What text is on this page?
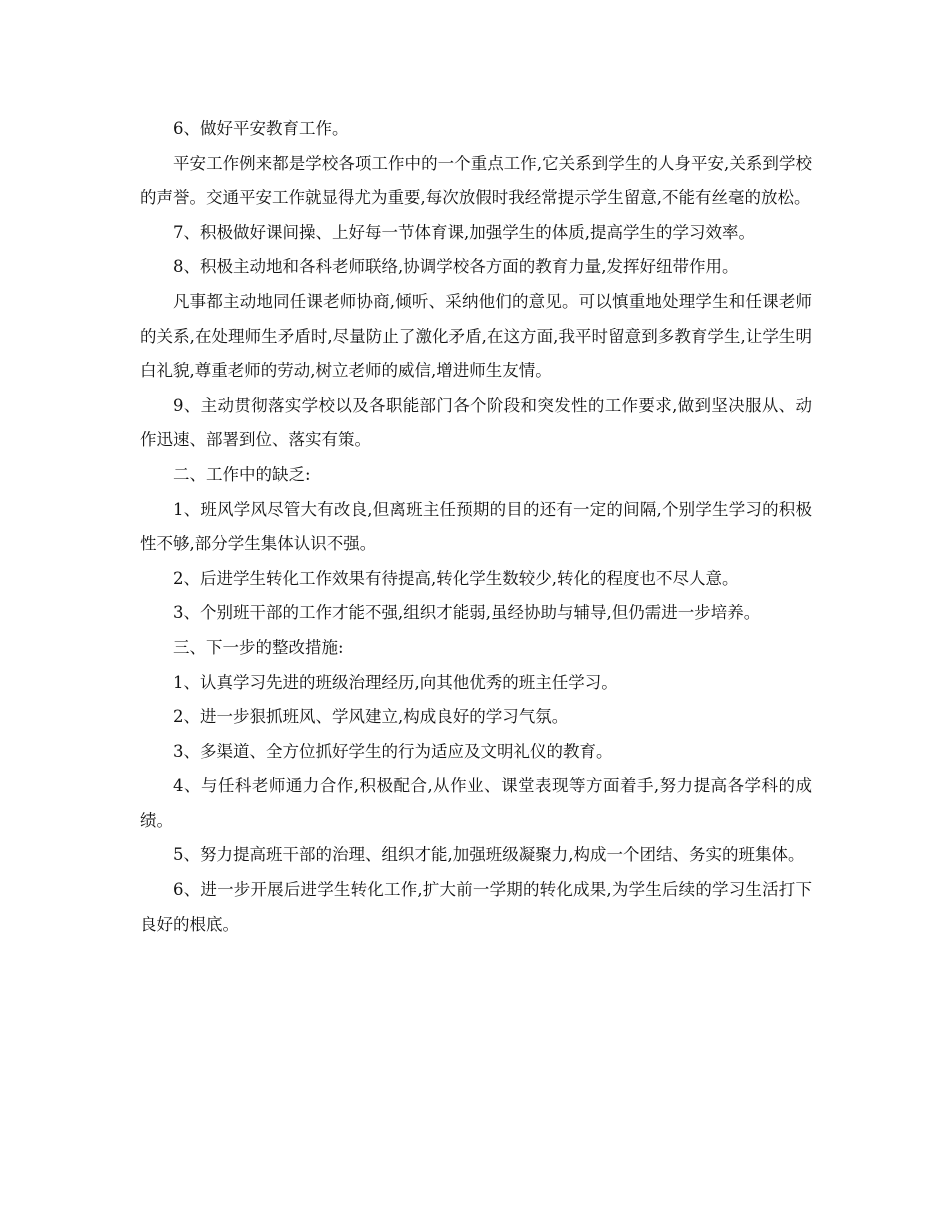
6、做好平安教育工作。

平安工作例来都是学校各项工作中的一个重点工作,它关系到学生的人身平安,关系到学校的声誉。交通平安工作就显得尤为重要,每次放假时我经常提示学生留意,不能有丝毫的放松。

7、积极做好课间操、上好每一节体育课,加强学生的体质,提高学生的学习效率。

8、积极主动地和各科老师联络,协调学校各方面的教育力量,发挥好纽带作用。

凡事都主动地同任课老师协商,倾听、采纳他们的意见。可以慎重地处理学生和任课老师的关系,在处理师生矛盾时,尽量防止了激化矛盾,在这方面,我平时留意到多教育学生,让学生明白礼貌,尊重老师的劳动,树立老师的威信,增进师生友情。

9、主动贯彻落实学校以及各职能部门各个阶段和突发性的工作要求,做到坚决服从、动作迅速、部署到位、落实有策。

二、工作中的缺乏:

1、班风学风尽管大有改良,但离班主任预期的目的还有一定的间隔,个别学生学习的积极性不够,部分学生集体认识不强。

2、后进学生转化工作效果有待提高,转化学生数较少,转化的程度也不尽人意。

3、个别班干部的工作才能不强,组织才能弱,虽经协助与辅导,但仍需进一步培养。

三、下一步的整改措施:

1、认真学习先进的班级治理经历,向其他优秀的班主任学习。

2、进一步狠抓班风、学风建立,构成良好的学习气氛。

3、多渠道、全方位抓好学生的行为适应及文明礼仪的教育。

4、与任科老师通力合作,积极配合,从作业、课堂表现等方面着手,努力提高各学科的成绩。

5、努力提高班干部的治理、组织才能,加强班级凝聚力,构成一个团结、务实的班集体。

6、进一步开展后进学生转化工作,扩大前一学期的转化成果,为学生后续的学习生活打下良好的根底。
